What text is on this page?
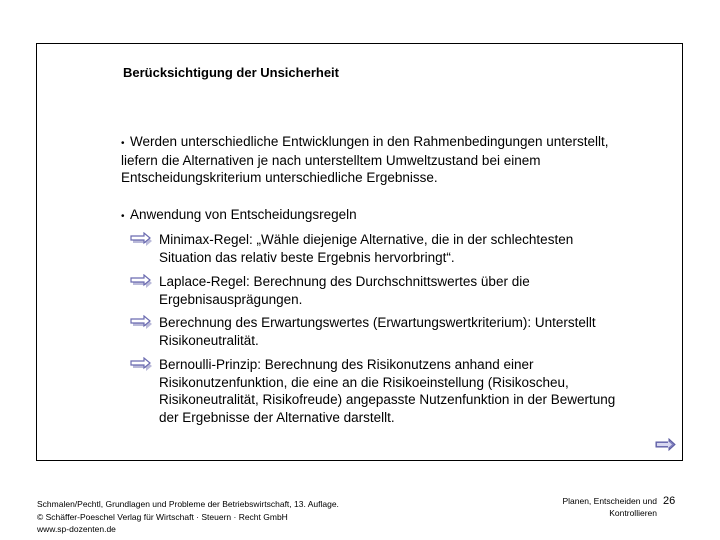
Berücksichtigung der Unsicherheit
• Werden unterschiedliche Entwicklungen in den Rahmenbedingungen unterstellt, liefern die Alternativen je nach unterstelltem Umweltzustand bei einem Entscheidungskriterium unterschiedliche Ergebnisse.
• Anwendung von Entscheidungsregeln
Minimax-Regel: „Wähle diejenige Alternative, die in der schlechtesten Situation das relativ beste Ergebnis hervorbringt“.
Laplace-Regel: Berechnung des Durchschnittswertes über die Ergebnisausprägungen.
Berechnung des Erwartungswertes (Erwartungswertkriterium): Unterstellt Risikoneutralität.
Bernoulli-Prinzip: Berechnung des Risikonutzens anhand einer Risikonutzenfunktion, die eine an die Risikoeinstellung (Risikoscheu, Risikoneutralität, Risikofreude) angepasste Nutzenfunktion in der Bewertung der Ergebnisse der Alternative darstellt.
Schmalen/Pechtl, Grundlagen und Probleme der Betriebswirtschaft, 13. Auflage.
© Schäffer-Poeschel Verlag für Wirtschaft · Steuern · Recht GmbH
www.sp-dozenten.de
Planen, Entscheiden und
Kontrollieren
26
